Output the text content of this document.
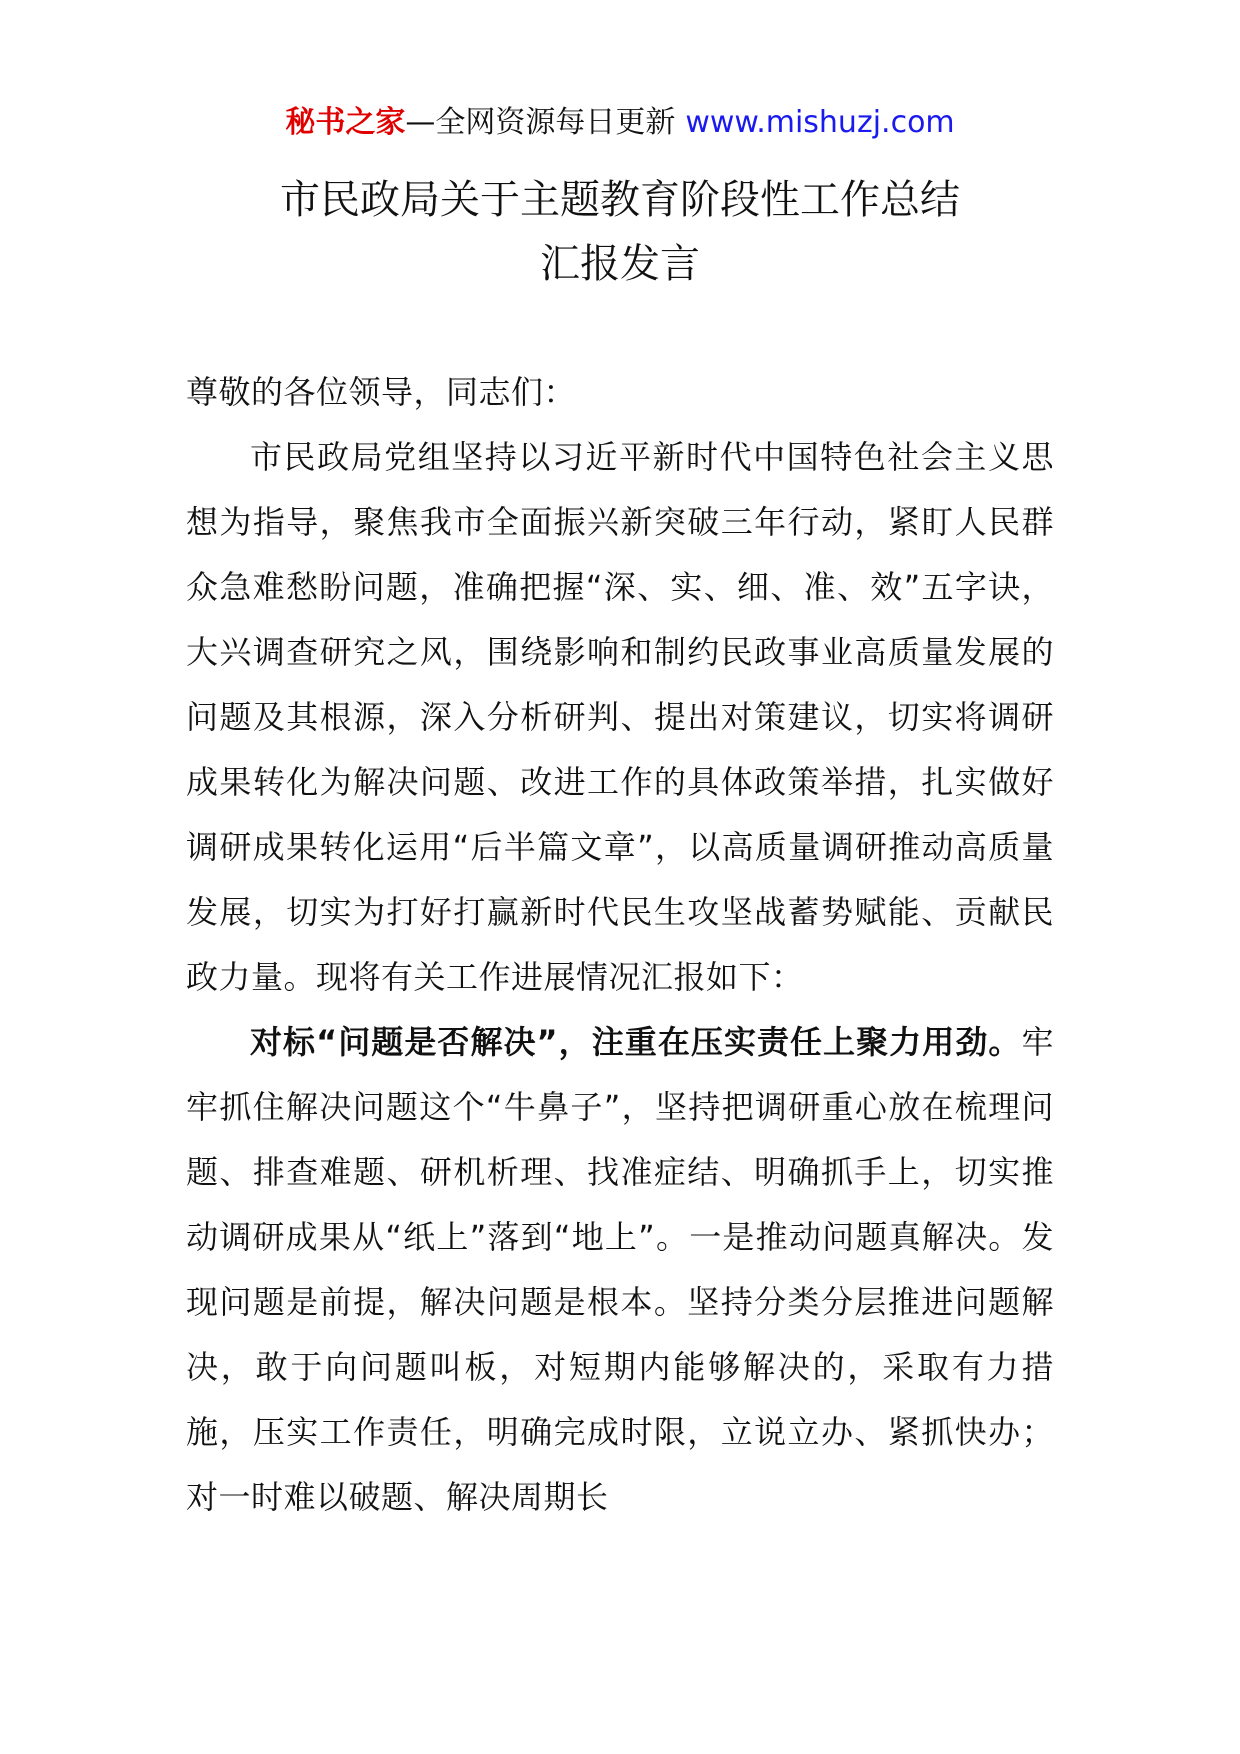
秘书之家—全网资源每日更新 www.mishuzj.com
市民政局关于主题教育阶段性工作总结
汇报发言

尊敬的各位领导，同志们：

市民政局党组坚持以习近平新时代中国特色社会主义思想为指导，聚焦我市全面振兴新突破三年行动，紧盯人民群众急难愁盼问题，准确把握“深、实、细、准、效”五字诀，大兴调查研究之风，围绕影响和制约民政事业高质量发展的问题及其根源，深入分析研判、提出对策建议，切实将调研成果转化为解决问题、改进工作的具体政策举措，扎实做好调研成果转化运用“后半篇文章”，以高质量调研推动高质量发展，切实为打好打赢新时代民生攻坚战蓄势赋能、贡献民政力量。现将有关工作进展情况汇报如下：

对标“问题是否解决”，注重在压实责任上聚力用劲。牢牢抓住解决问题这个“牛鼻子”，坚持把调研重心放在梳理问题、排查难题、研机析理、找准症结、明确抓手上，切实推动调研成果从“纸上”落到“地上”。一是推动问题真解决。发现问题是前提，解决问题是根本。坚持分类分层推进问题解决，敢于向问题叫板，对短期内能够解决的，采取有力措施，压实工作责任，明确完成时限，立说立办、紧抓快办；对一时难以破题、解决周期长
